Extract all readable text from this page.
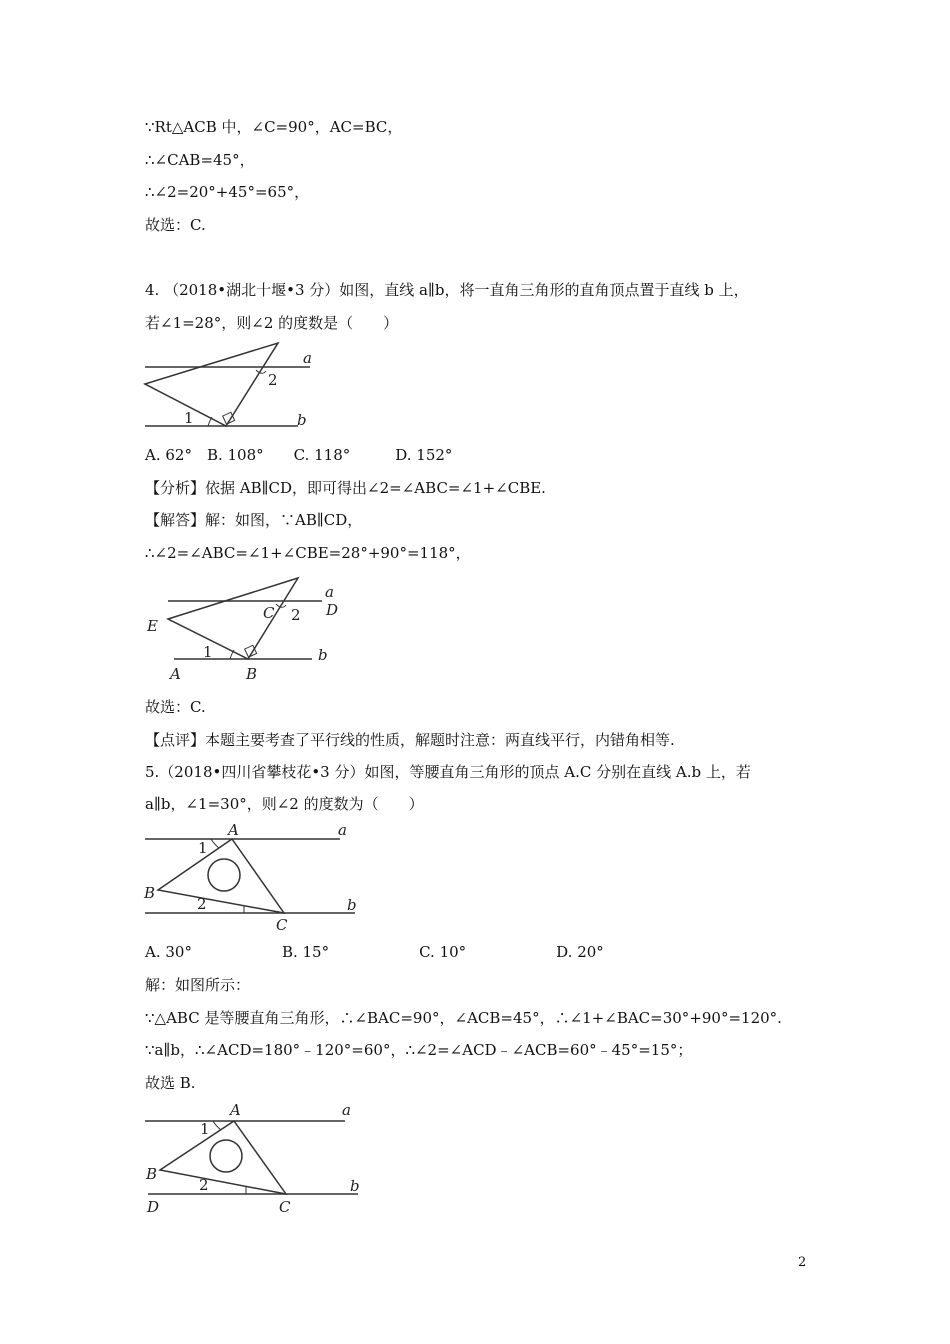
∵Rt△ACB 中，∠C=90°，AC=BC，
∴∠CAB=45°，
∴∠2=20°+45°=65°，
故选：C.
4. （2018•湖北十堰•3 分）如图，直线 a∥b，将一直角三角形的直角顶点置于直线 b 上，
若∠1=28°，则∠2 的度数是（　　）
a
b
1
2
A. 62°　B. 108°　　C. 118°　　　D. 152°
【分析】依据 AB∥CD，即可得出∠2=∠ABC=∠1+∠CBE.
【解答】解：如图，∵AB∥CD，
∴∠2=∠ABC=∠1+∠CBE=28°+90°=118°，
a
D
b
E
C 2
1
A	B
故选：C.
【点评】本题主要考查了平行线的性质，解题时注意：两直线平行，内错角相等.
5.（2018•四川省攀枝花•3 分）如图，等腰直角三角形的顶点 A.C 分别在直线 A.b 上，若
a∥b，∠1=30°，则∠2 的度数为（　　）
A	a
1
B
2	b
C
A. 30°　　　　　　B. 15°　　　　　　C. 10°　　　　　　D. 20°
解：如图所示：
∵△ABC 是等腰直角三角形，∴∠BAC=90°，∠ACB=45°，∴∠1+∠BAC=30°+90°=120°.
∵a∥b，∴∠ACD=180°﹣120°=60°，∴∠2=∠ACD﹣∠ACB=60°﹣45°=15°；
故选 B.
A	a
1
B
2	b
D	C
2
